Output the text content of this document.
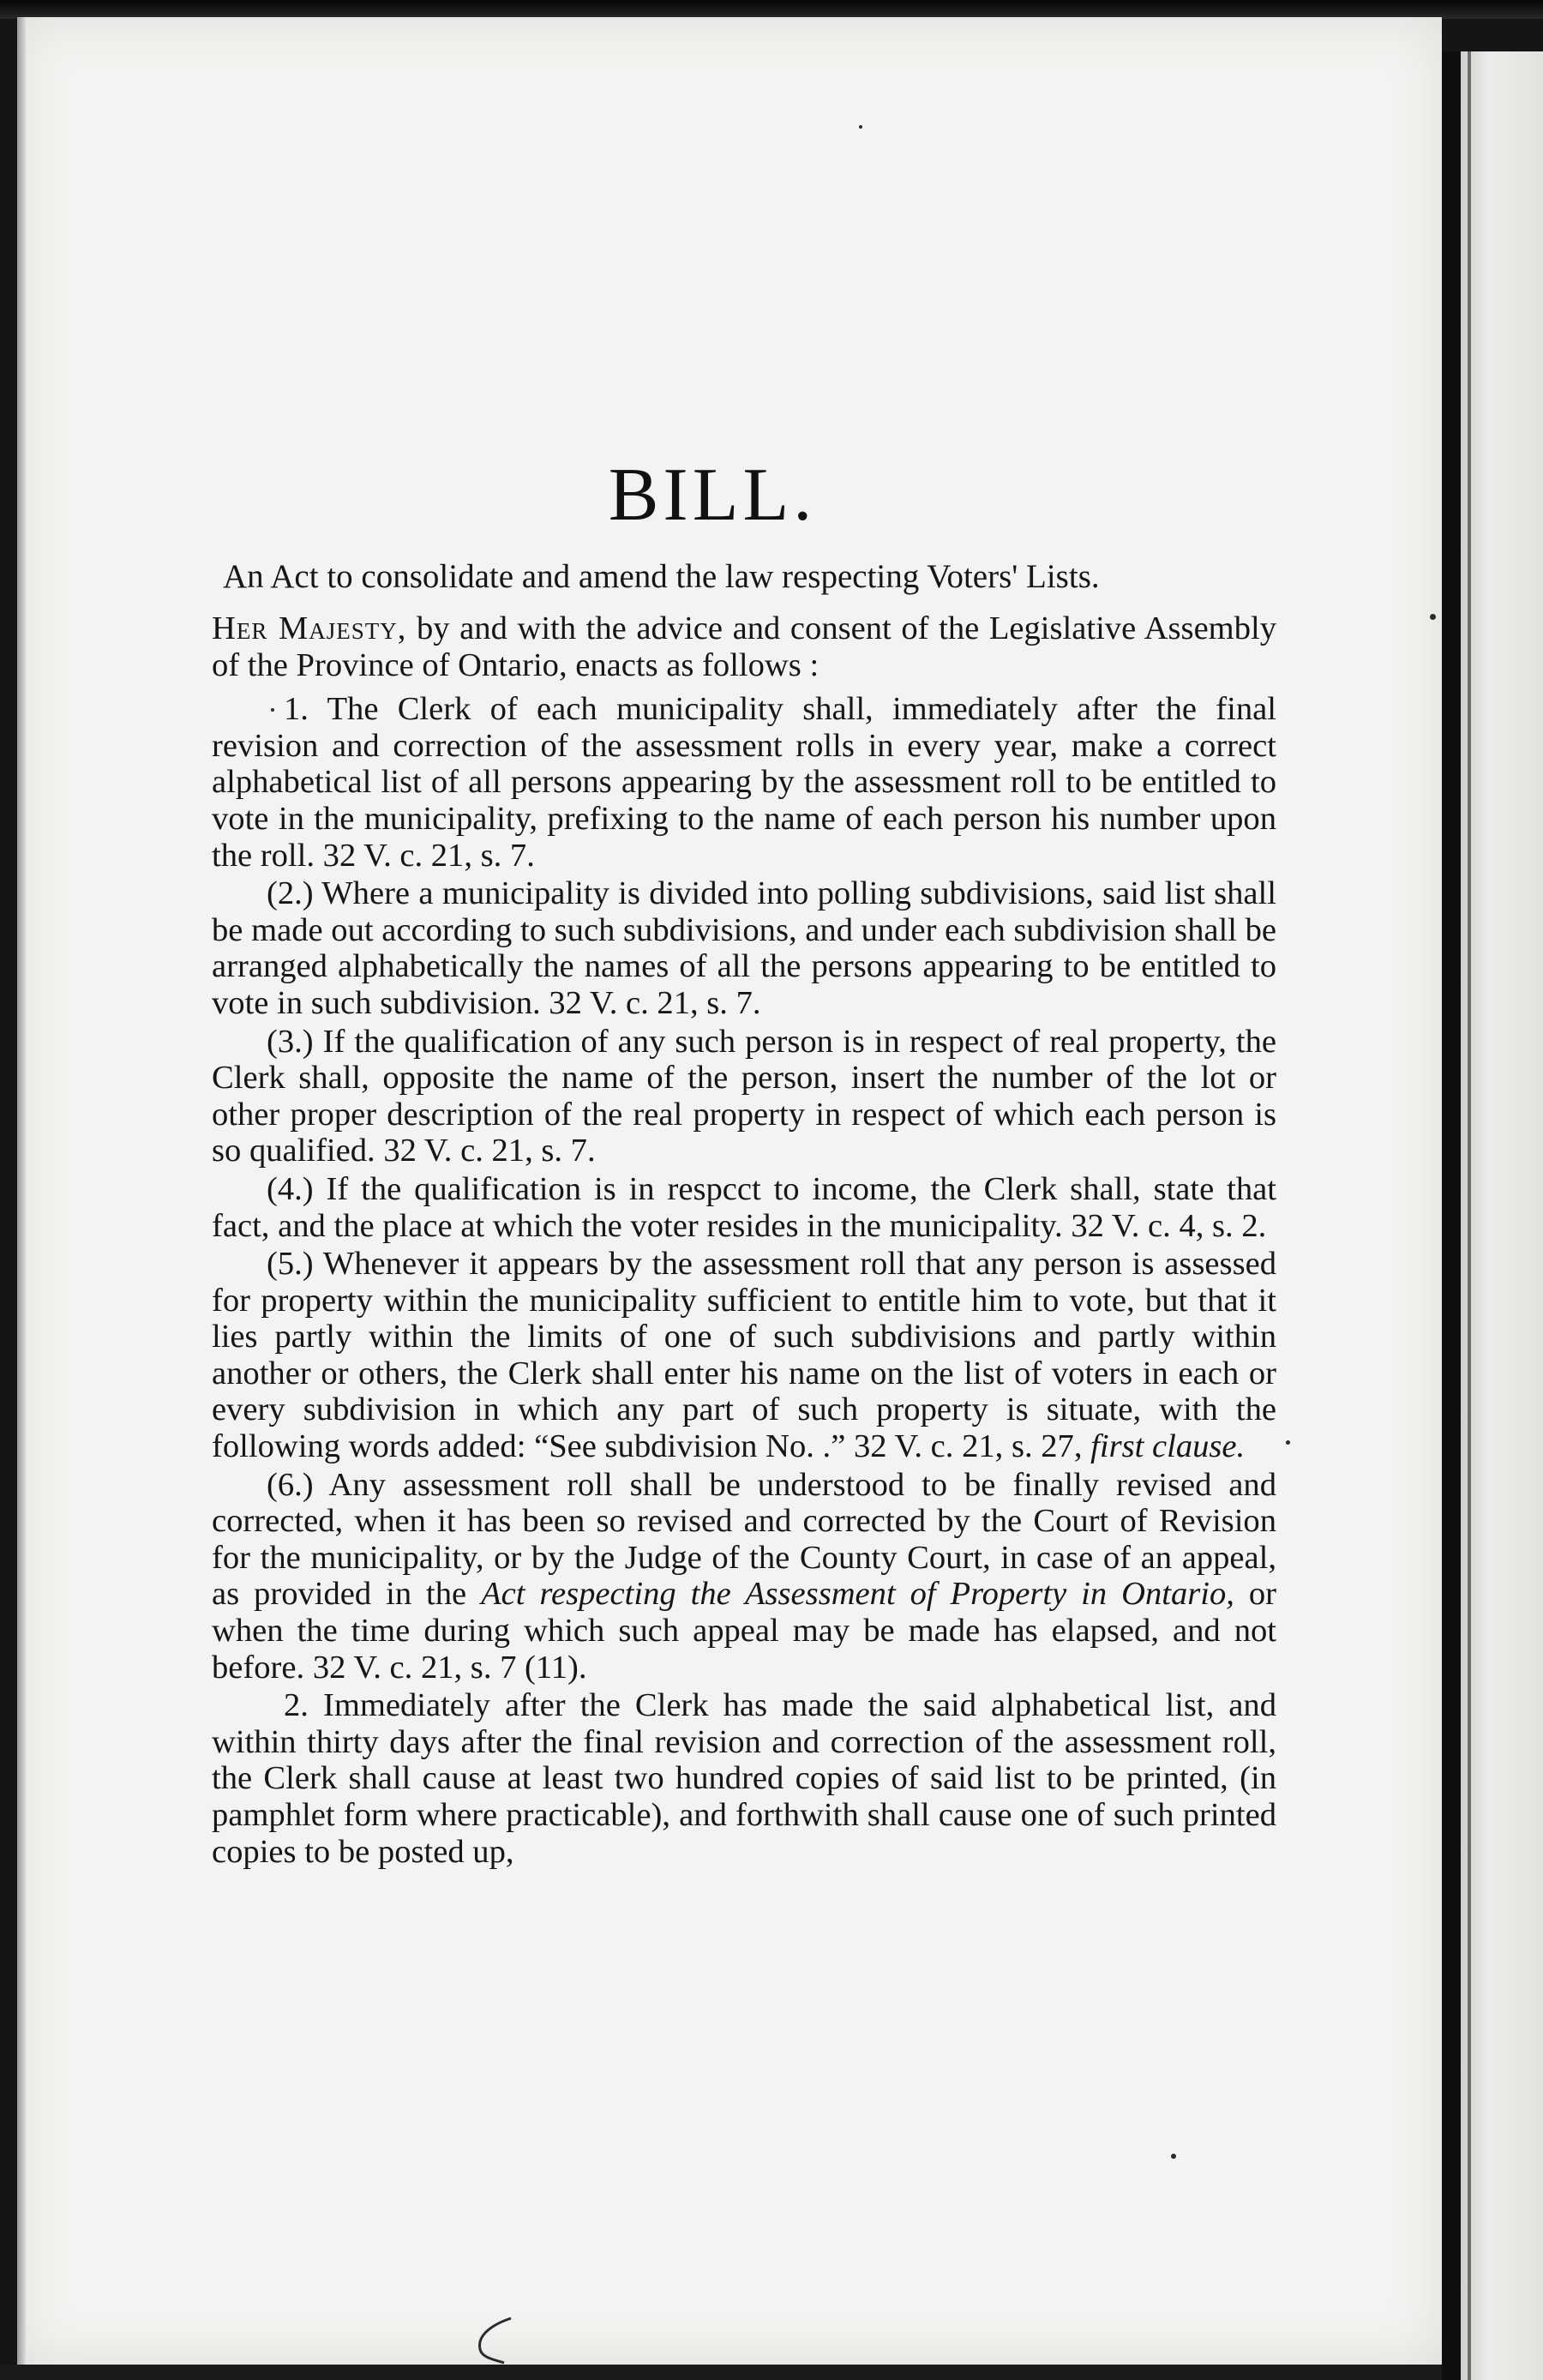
BILL.
An Act to consolidate and amend the law respecting Voters' Lists.

Her Majesty, by and with the advice and consent of the Legislative Assembly of the Province of Ontario, enacts as follows :

1. The Clerk of each municipality shall, immediately after the final revision and correction of the assessment rolls in every year, make a correct alphabetical list of all persons appearing by the assessment roll to be entitled to vote in the municipality, prefixing to the name of each person his number upon the roll. 32 V. c. 21, s. 7.

(2.) Where a municipality is divided into polling subdivisions, said list shall be made out according to such subdivisions, and under each subdivision shall be arranged alphabetically the names of all the persons appearing to be entitled to vote in such subdivision. 32 V. c. 21, s. 7.

(3.) If the qualification of any such person is in respect of real property, the Clerk shall, opposite the name of the person, insert the number of the lot or other proper description of the real property in respect of which each person is so qualified. 32 V. c. 21, s. 7.

(4.) If the qualification is in respcct to income, the Clerk shall, state that fact, and the place at which the voter resides in the municipality. 32 V. c. 4, s. 2.

(5.) Whenever it appears by the assessment roll that any person is assessed for property within the municipality sufficient to entitle him to vote, but that it lies partly within the limits of one of such subdivisions and partly within another or others, the Clerk shall enter his name on the list of voters in each or every subdivision in which any part of such property is situate, with the following words added: “See subdivision No. .” 32 V. c. 21, s. 27, first clause.

(6.) Any assessment roll shall be understood to be finally revised and corrected, when it has been so revised and corrected by the Court of Revision for the municipality, or by the Judge of the County Court, in case of an appeal, as provided in the Act respecting the Assessment of Property in Ontario, or when the time during which such appeal may be made has elapsed, and not before. 32 V. c. 21, s. 7 (11).

2. Immediately after the Clerk has made the said alphabetical list, and within thirty days after the final revision and correction of the assessment roll, the Clerk shall cause at least two hundred copies of said list to be printed, (in pamphlet form where practicable), and forthwith shall cause one of such printed copies to be posted up,
